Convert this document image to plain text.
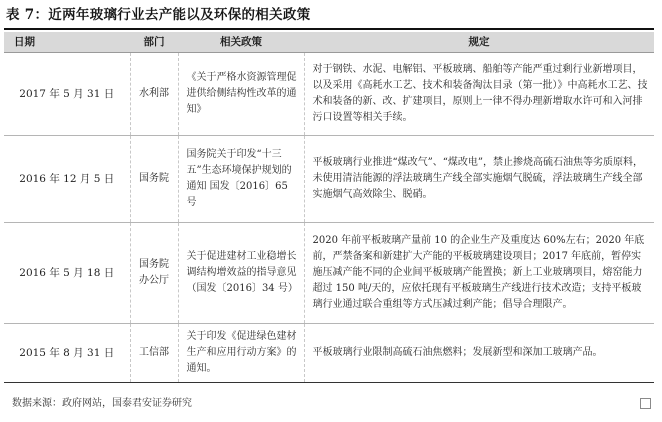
表 7：近两年玻璃行业去产能以及环保的相关政策
日期	部门	相关政策	规定
2017 年 5 月 31 日	水利部	《关于严格水资源管理促进供给侧结构性改革的通知》	对于钢铁、水泥、电解铝、平板玻璃、船舶等产能严重过剩行业新增项目，以及采用《高耗水工艺、技术和装备淘汰目录（第一批）》中高耗水工艺、技术和装备的新、改、扩建项目，原则上一律不得办理新增取水许可和入河排污口设置等相关手续。
2016 年 12 月 5 日	国务院	国务院关于印发“十三五”生态环境保护规划的通知 国发〔2016〕65 号	平板玻璃行业推进“煤改气”、“煤改电”，禁止掺烧高硫石油焦等劣质原料，未使用清洁能源的浮法玻璃生产线全部实施烟气脱硫，浮法玻璃生产线全部实施烟气高效除尘、脱硝。
2016 年 5 月 18 日	国务院办公厅	关于促进建材工业稳增长调结构增效益的指导意见（国发〔2016〕34 号）	2020 年前平板玻璃产量前 10 的企业生产及重度达 60%左右；2020 年底前，严禁备案和新建扩大产能的平板玻璃建设项目；2017 年底前，暂停实施压减产能不同的企业间平板玻璃产能置换；新上工业玻璃项目，熔窑能力超过 150 吨/天的，应依托现有平板玻璃生产线进行技术改造；支持平板玻璃行业通过联合重组等方式压减过剩产能；倡导合理限产。
2015 年 8 月 31 日	工信部	关于印发《促进绿色建材生产和应用行动方案》的通知。	平板玻璃行业限制高硫石油焦燃料；发展新型和深加工玻璃产品。
数据来源：政府网站，国泰君安证券研究
